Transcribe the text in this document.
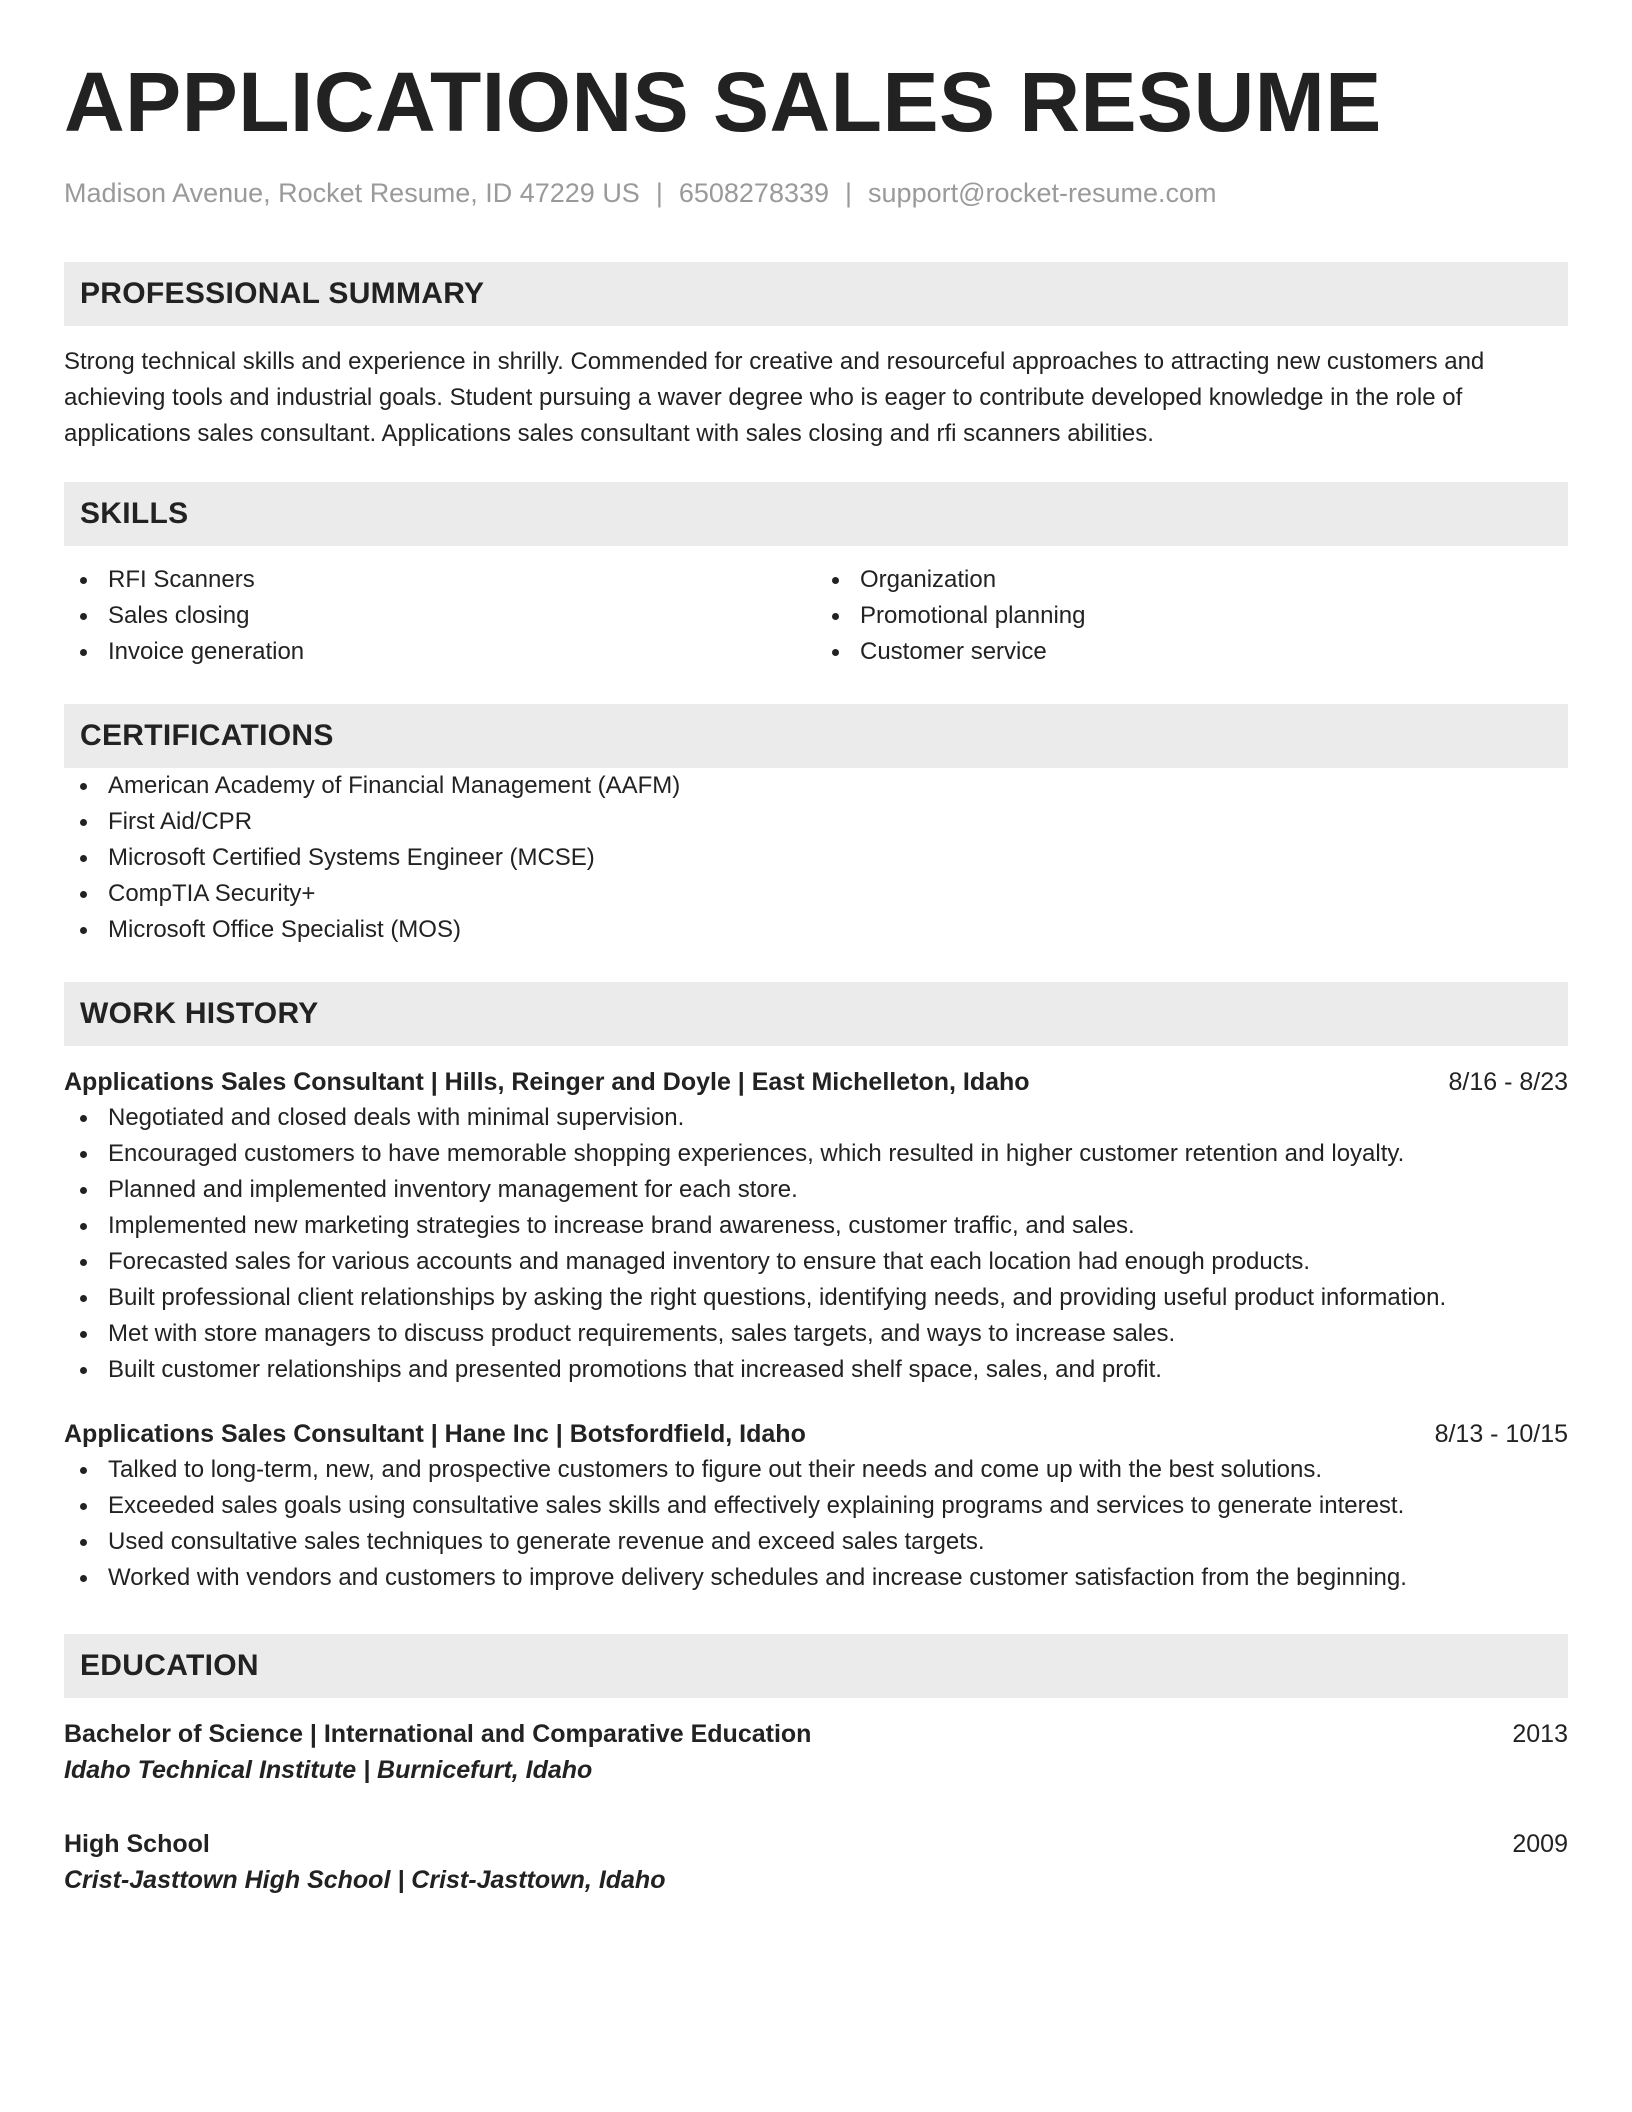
APPLICATIONS SALES RESUME
Madison Avenue, Rocket Resume, ID 47229 US | 6508278339 | support@rocket-resume.com
PROFESSIONAL SUMMARY

Strong technical skills and experience in shrilly. Commended for creative and resourceful approaches to attracting new customers and achieving tools and industrial goals. Student pursuing a waver degree who is eager to contribute developed knowledge in the role of applications sales consultant. Applications sales consultant with sales closing and rfi scanners abilities.

SKILLS
RFI Scanners
Sales closing
Invoice generation
Organization
Promotional planning
Customer service
CERTIFICATIONS
American Academy of Financial Management (AAFM)
First Aid/CPR
Microsoft Certified Systems Engineer (MCSE)
CompTIA Security+
Microsoft Office Specialist (MOS)
WORK HISTORY
Applications Sales Consultant | Hills, Reinger and Doyle | East Michelleton, Idaho	8/16 - 8/23
Negotiated and closed deals with minimal supervision.
Encouraged customers to have memorable shopping experiences, which resulted in higher customer retention and loyalty.
Planned and implemented inventory management for each store.
Implemented new marketing strategies to increase brand awareness, customer traffic, and sales.
Forecasted sales for various accounts and managed inventory to ensure that each location had enough products.
Built professional client relationships by asking the right questions, identifying needs, and providing useful product information.
Met with store managers to discuss product requirements, sales targets, and ways to increase sales.
Built customer relationships and presented promotions that increased shelf space, sales, and profit.
Applications Sales Consultant | Hane Inc | Botsfordfield, Idaho	8/13 - 10/15
Talked to long-term, new, and prospective customers to figure out their needs and come up with the best solutions.
Exceeded sales goals using consultative sales skills and effectively explaining programs and services to generate interest.
Used consultative sales techniques to generate revenue and exceed sales targets.
Worked with vendors and customers to improve delivery schedules and increase customer satisfaction from the beginning.
EDUCATION
Bachelor of Science | International and Comparative Education	2013
Idaho Technical Institute | Burnicefurt, Idaho
High School	2009
Crist-Jasttown High School | Crist-Jasttown, Idaho
